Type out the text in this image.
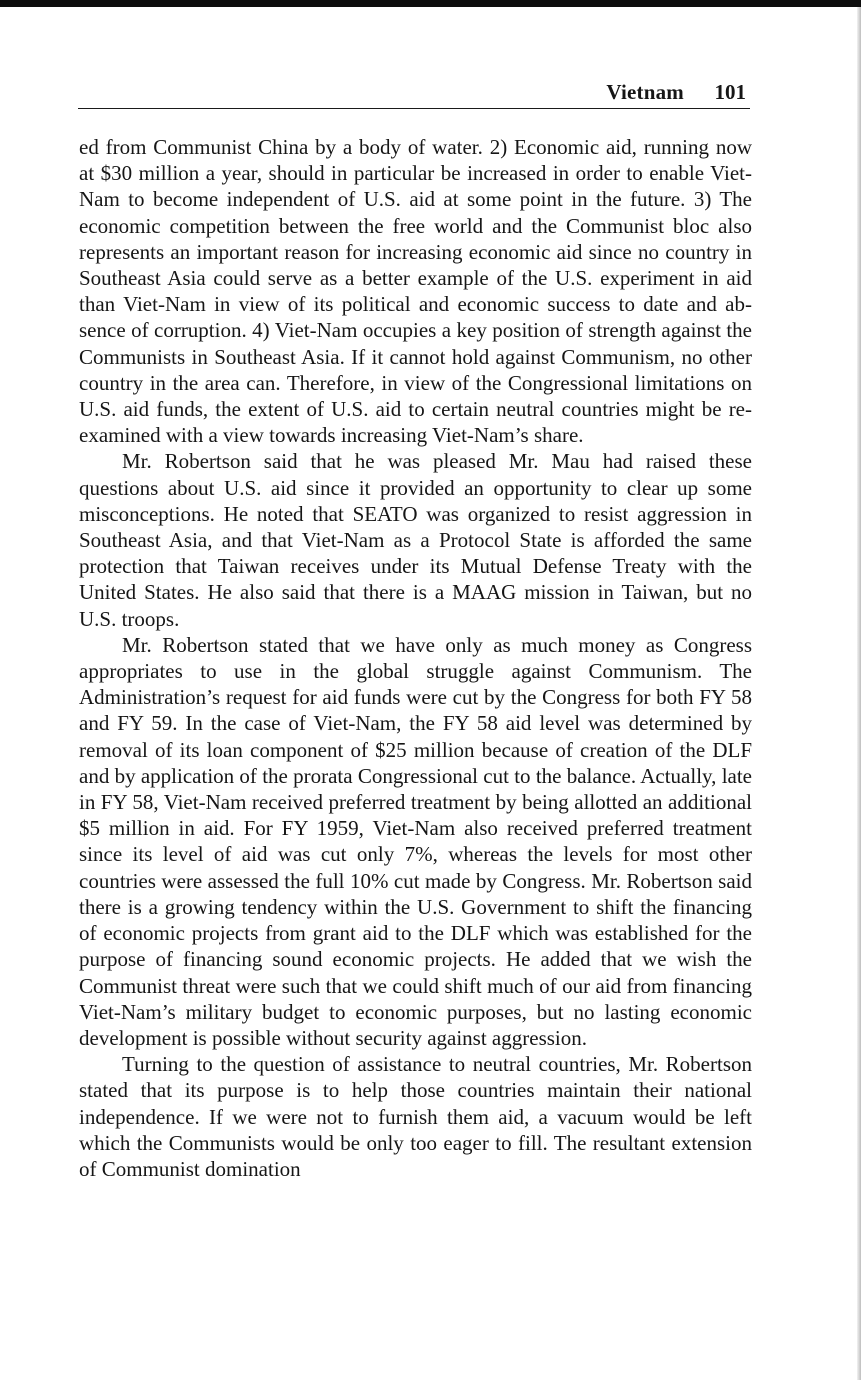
Vietnam 101

ed from Communist China by a body of water. 2) Economic aid, running now at $30 million a year, should in particular be increased in order to enable Viet-Nam to become independent of U.S. aid at some point in the future. 3) The economic competition between the free world and the Communist bloc also represents an important reason for increasing economic aid since no country in Southeast Asia could serve as a better example of the U.S. experiment in aid than Viet-Nam in view of its political and economic success to date and absence of corruption. 4) Viet-Nam occupies a key position of strength against the Communists in Southeast Asia. If it cannot hold against Communism, no other country in the area can. Therefore, in view of the Congressional limitations on U.S. aid funds, the extent of U.S. aid to certain neutral countries might be re-examined with a view towards increasing Viet-Nam’s share.

Mr. Robertson said that he was pleased Mr. Mau had raised these questions about U.S. aid since it provided an opportunity to clear up some misconceptions. He noted that SEATO was organized to resist aggression in Southeast Asia, and that Viet-Nam as a Protocol State is afforded the same protection that Taiwan receives under its Mutual Defense Treaty with the United States. He also said that there is a MAAG mission in Taiwan, but no U.S. troops.

Mr. Robertson stated that we have only as much money as Congress appropriates to use in the global struggle against Communism. The Administration’s request for aid funds were cut by the Congress for both FY 58 and FY 59. In the case of Viet-Nam, the FY 58 aid level was determined by removal of its loan component of $25 million because of creation of the DLF and by application of the prorata Congressional cut to the balance. Actually, late in FY 58, Viet-Nam received preferred treatment by being allotted an additional $5 million in aid. For FY 1959, Viet-Nam also received preferred treatment since its level of aid was cut only 7%, whereas the levels for most other countries were assessed the full 10% cut made by Congress. Mr. Robertson said there is a growing tendency within the U.S. Government to shift the financing of economic projects from grant aid to the DLF which was established for the purpose of financing sound economic projects. He added that we wish the Communist threat were such that we could shift much of our aid from financing Viet-Nam’s military budget to economic purposes, but no lasting economic development is possible without security against aggression.

Turning to the question of assistance to neutral countries, Mr. Robertson stated that its purpose is to help those countries maintain their national independence. If we were not to furnish them aid, a vacuum would be left which the Communists would be only too eager to fill. The resultant extension of Communist domination
